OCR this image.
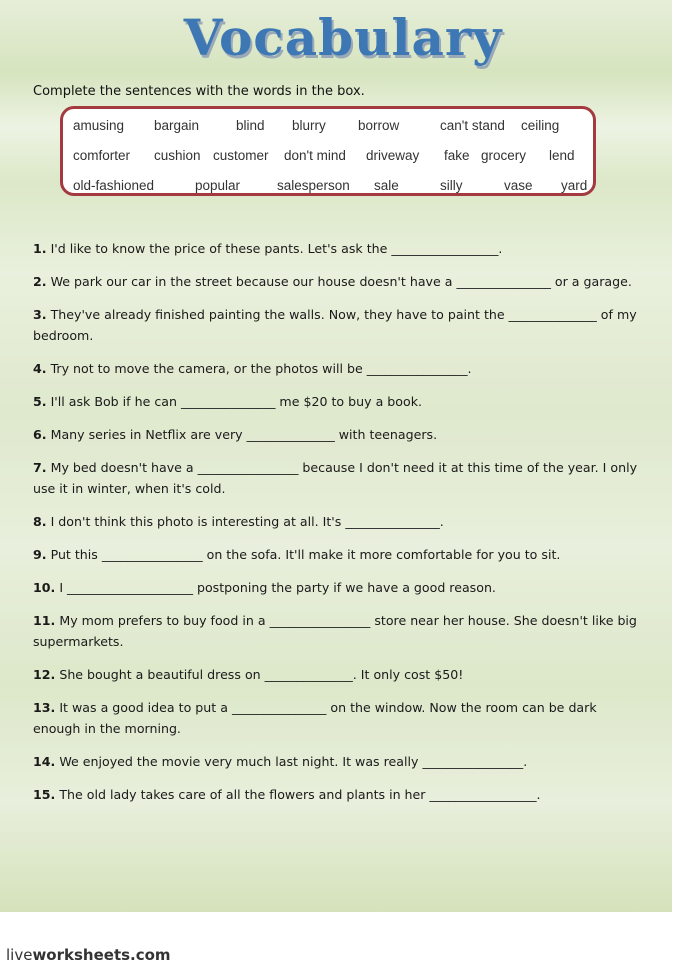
Vocabulary
Complete the sentences with the words in the box.
amusing bargain	blind blurry borrow	can't stand ceiling
comforter cushion customer don't mind driveway fake grocery lend
old-fashioned	popular	salesperson sale	silly	vase yard
1. I'd like to know the price of these pants. Let's ask the _________________.
2. We park our car in the street because our house doesn't have a _______________ or a garage.
3. They've already finished painting the walls. Now, they have to paint the ______________ of my bedroom.
4. Try not to move the camera, or the photos will be ________________.
5. I'll ask Bob if he can _______________ me $20 to buy a book.
6. Many series in Netflix are very ______________ with teenagers.
7. My bed doesn't have a ________________ because I don't need it at this time of the year. I only use it in winter, when it's cold.
8. I don't think this photo is interesting at all. It's _______________.
9. Put this ________________ on the sofa. It'll make it more comfortable for you to sit.
10. I ____________________ postponing the party if we have a good reason.
11. My mom prefers to buy food in a ________________ store near her house. She doesn't like big supermarkets.
12. She bought a beautiful dress on ______________. It only cost $50!
13. It was a good idea to put a _______________ on the window. Now the room can be dark enough in the morning.
14. We enjoyed the movie very much last night. It was really ________________.
15. The old lady takes care of all the flowers and plants in her _________________.
liveworksheets.com
